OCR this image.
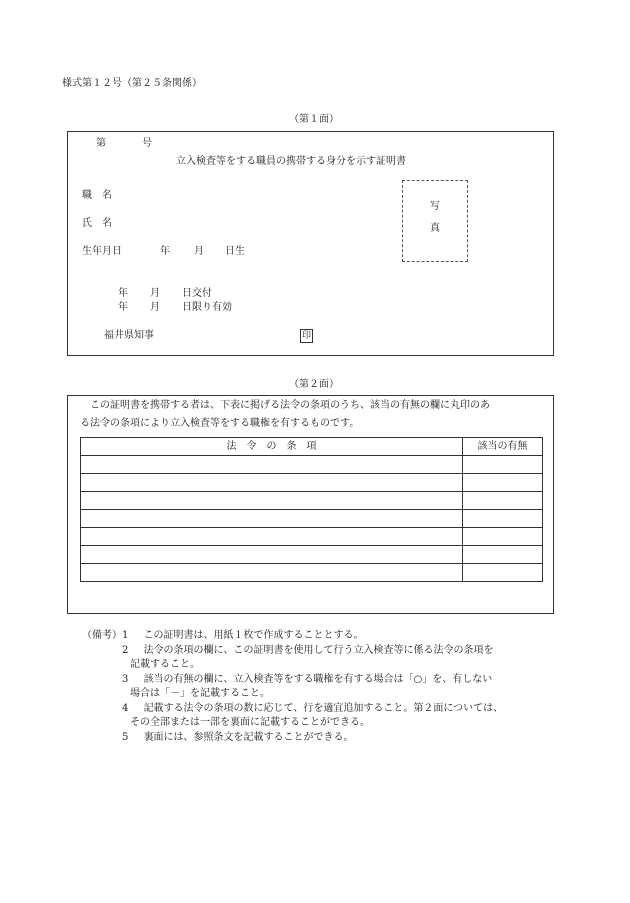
様式第１２号（第２５条関係）
（第１面）
第	号
立入検査等をする職員の携帯する身分を示す証明書
職　名
氏　名
生年月日	年 月 日生
写
真
年 月 日交付
年 月 日限り有効
福井県知事	印
（第２面）
この証明書を携帯する者は、下表に掲げる法令の条項のうち、該当の有無の欄に丸印のあ
る法令の条項により立入検査等をする職権を有するものです。
法　令　の　条　項	該当の有無

（備考） 1 この証明書は、用紙１枚で作成することとする。
2 法令の条項の欄に、この証明書を使用して行う立入検査等に係る法令の条項を
記載すること。
3 該当の有無の欄に、立入検査等をする職権を有する場合は「○」を、有しない
場合は「－」を記載すること。
4 記載する法令の条項の数に応じて、行を適宜追加すること。第２面については、
その全部または一部を裏面に記載することができる。
5 裏面には、参照条文を記載することができる。
